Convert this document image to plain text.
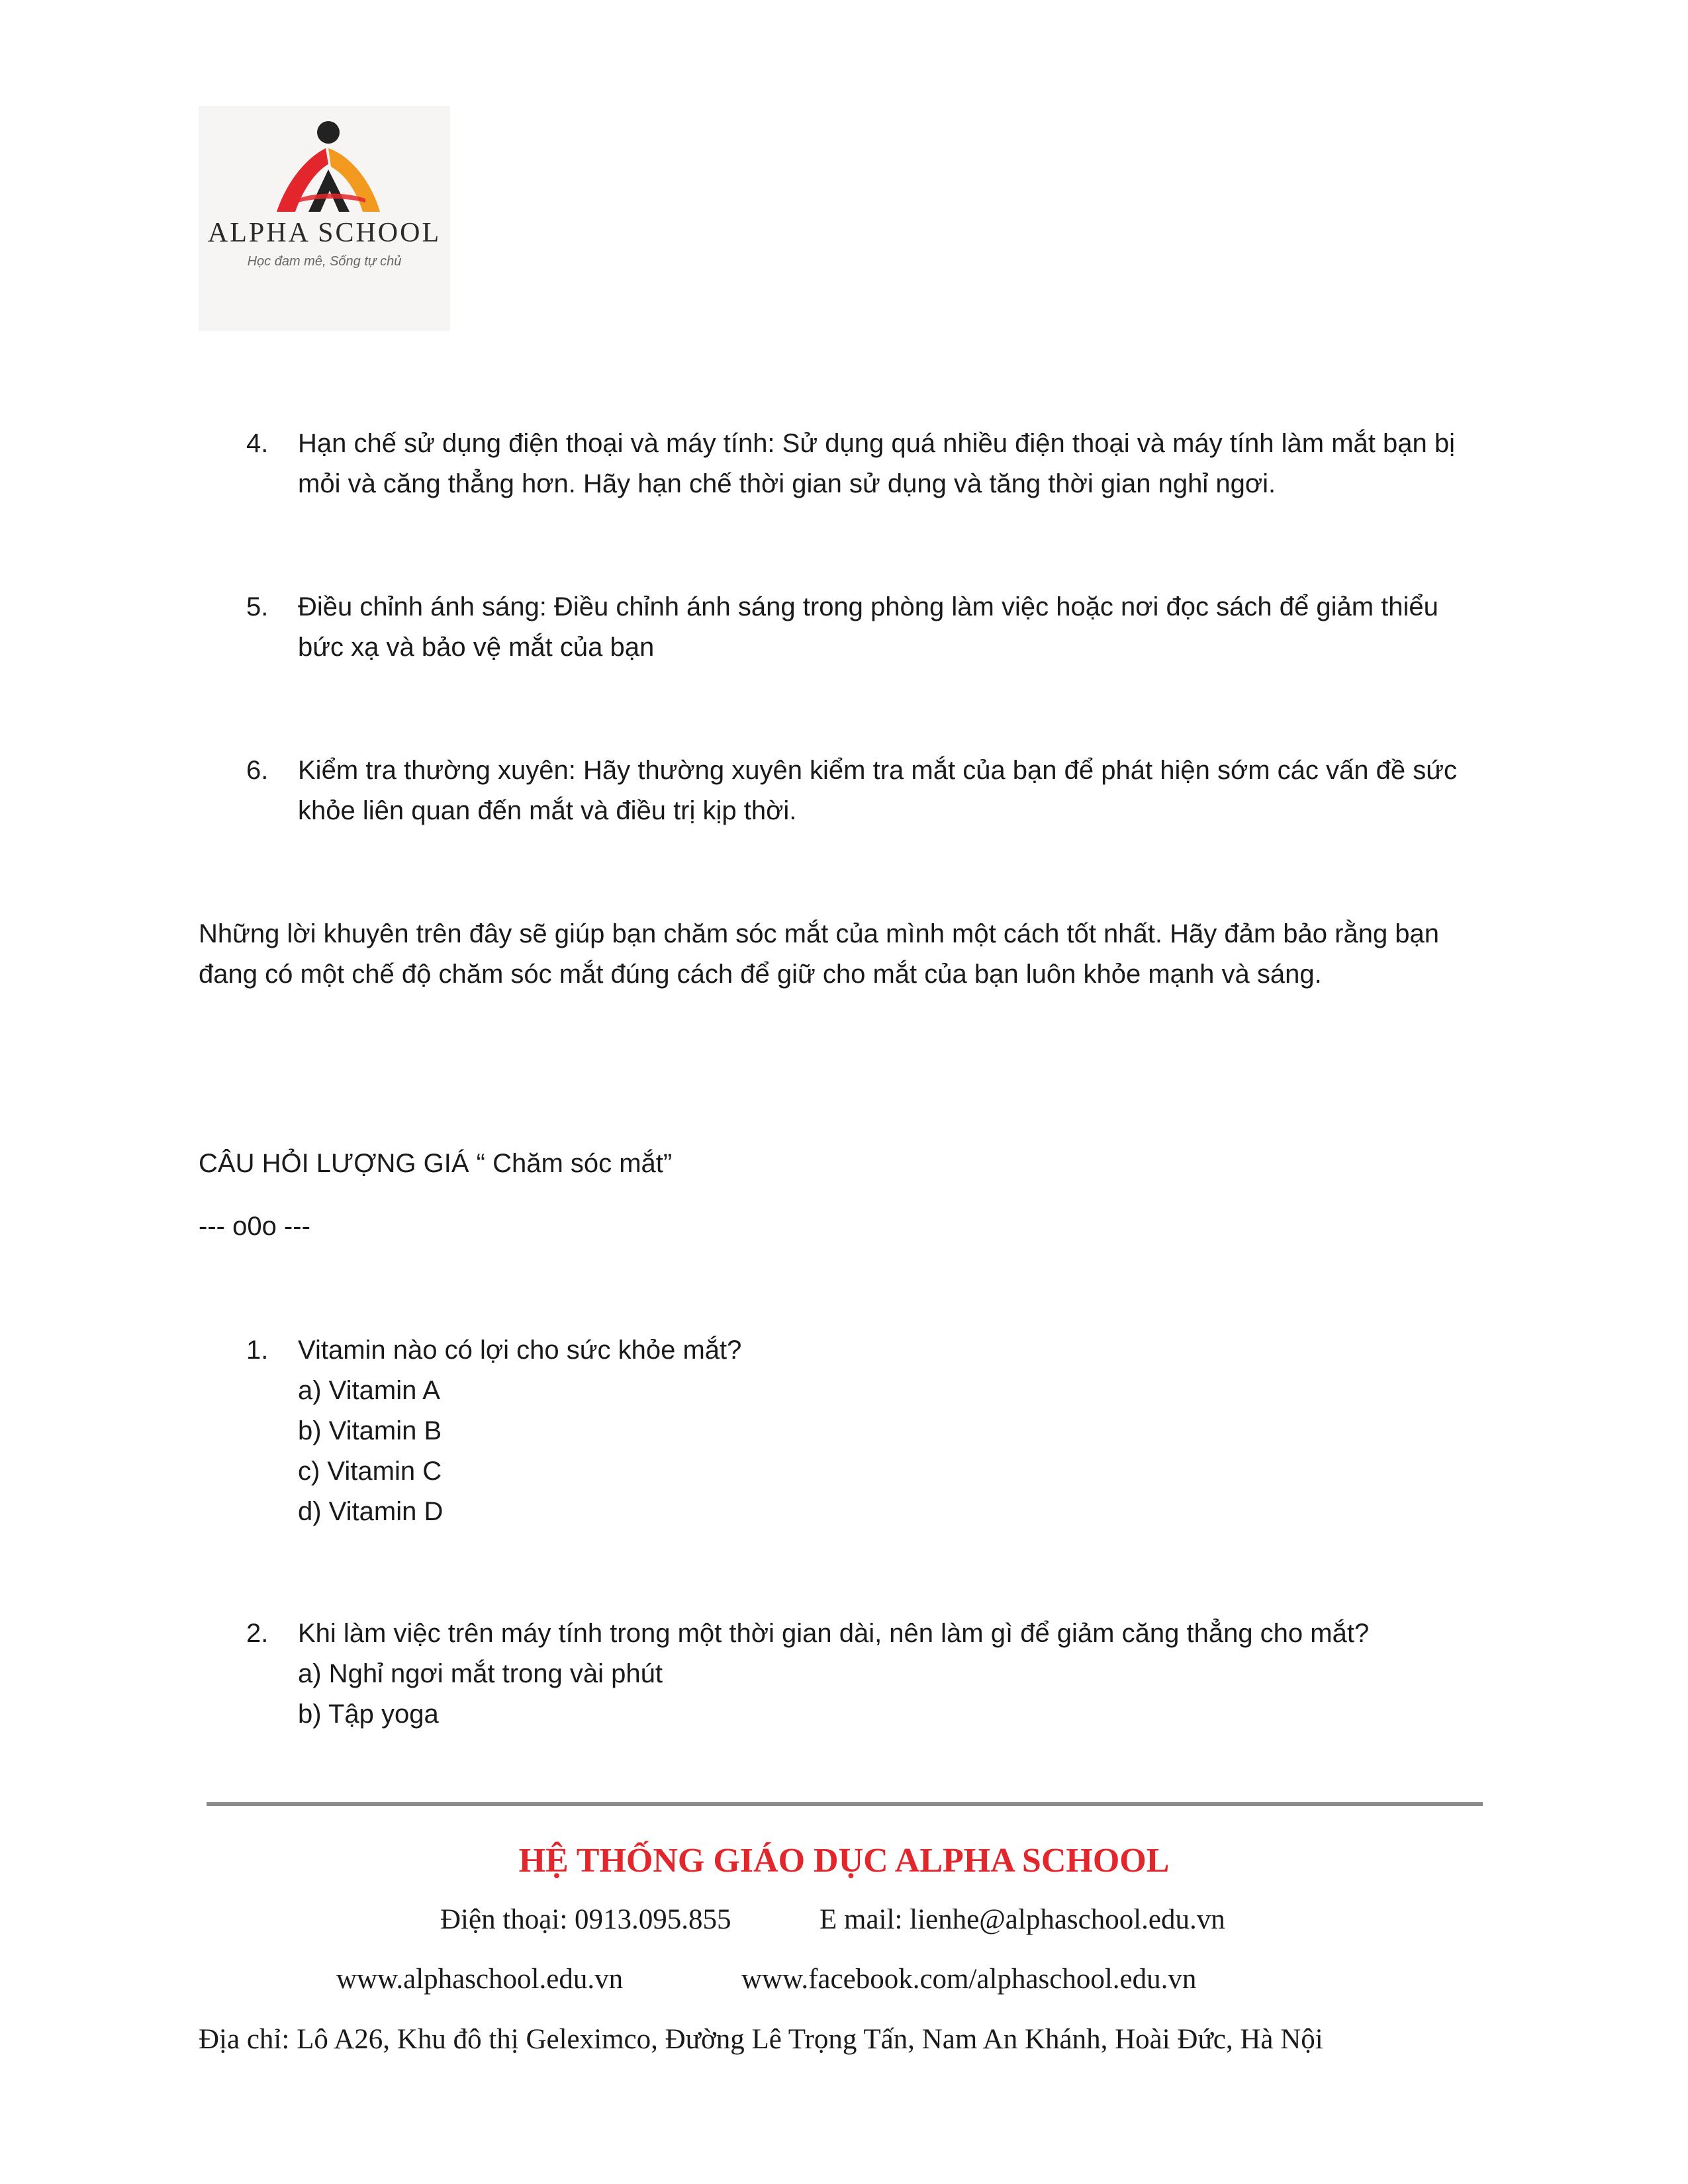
ALPHA SCHOOL
Học đam mê, Sống tự chủ
4.	Hạn chế sử dụng điện thoại và máy tính: Sử dụng quá nhiều điện thoại và máy tính làm mắt bạn bị mỏi và căng thẳng hơn. Hãy hạn chế thời gian sử dụng và tăng thời gian nghỉ ngơi.
5.	Điều chỉnh ánh sáng: Điều chỉnh ánh sáng trong phòng làm việc hoặc nơi đọc sách để giảm thiểu bức xạ và bảo vệ mắt của bạn
6.	Kiểm tra thường xuyên: Hãy thường xuyên kiểm tra mắt của bạn để phát hiện sớm các vấn đề sức khỏe liên quan đến mắt và điều trị kịp thời.
Những lời khuyên trên đây sẽ giúp bạn chăm sóc mắt của mình một cách tốt nhất. Hãy đảm bảo rằng bạn đang có một chế độ chăm sóc mắt đúng cách để giữ cho mắt của bạn luôn khỏe mạnh và sáng.
CÂU HỎI LƯỢNG GIÁ “ Chăm sóc mắt”
--- o0o ---
1.	Vitamin nào có lợi cho sức khỏe mắt?
a) Vitamin A
b) Vitamin B
c) Vitamin C
d) Vitamin D
2.	Khi làm việc trên máy tính trong một thời gian dài, nên làm gì để giảm căng thẳng cho mắt?
a) Nghỉ ngơi mắt trong vài phút
b) Tập yoga
HỆ THỐNG GIÁO DỤC ALPHA SCHOOL
Điện thoại: 0913.095.855	E mail: lienhe@alphaschool.edu.vn
www.alphaschool.edu.vn	www.facebook.com/alphaschool.edu.vn
Địa chỉ: Lô A26, Khu đô thị Geleximco, Đường Lê Trọng Tấn, Nam An Khánh, Hoài Đức, Hà Nội
